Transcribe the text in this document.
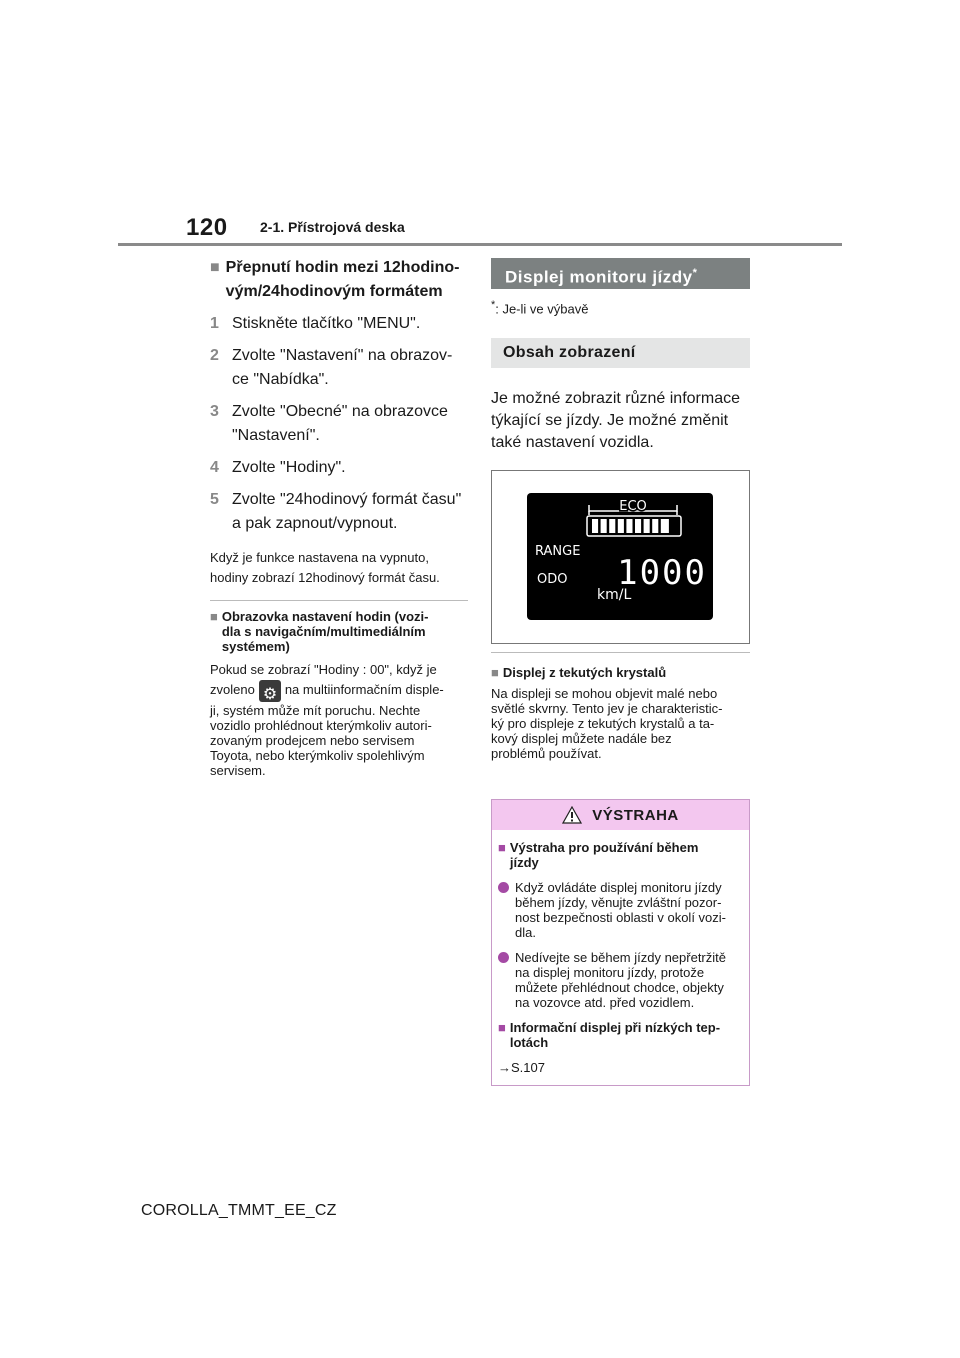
120 2-1. Přístrojová deska
■ Přepnutí hodin mezi 12hodino-
vým/24hodinovým formátem
1 Stiskněte tlačítko "MENU".
2 Zvolte "Nastavení" na obrazov-
ce "Nabídka".
3 Zvolte "Obecné" na obrazovce
"Nastavení".
4 Zvolte "Hodiny".
5 Zvolte "24hodinový formát času"
a pak zapnout/vypnout.
Když je funkce nastavena na vypnuto,
hodiny zobrazí 12hodinový formát času.
■ Obrazovka nastavení hodin (vozi-
dla s navigačním/multimediálním
systémem)
Pokud se zobrazí "Hodiny : 00", když je
zvoleno⚙ na multiinformačním disple-
ji, systém může mít poruchu. Nechte
vozidlo prohlédnout kterýmkoliv autori-
zovaným prodejcem nebo servisem
Toyota, nebo kterýmkoliv spolehlivým
servisem.
Displej monitoru jízdy*
*: Je-li ve výbavě
Obsah zobrazení
Je možné zobrazit různé informace
týkající se jízdy. Je možné změnit
také nastavení vozidla.
ECO
RANGE
ODO 1000
km/L
■ Displej z tekutých krystalů
Na displeji se mohou objevit malé nebo
světlé skvrny. Tento jev je charakteristic-
ký pro displeje z tekutých krystalů a ta-
kový displej můžete nadále bez
problémů používat.
VÝSTRAHA
■ Výstraha pro používání během
jízdy
Když ovládáte displej monitoru jízdy
během jízdy, věnujte zvláštní pozor-
nost bezpečnosti oblasti v okolí vozi-
dla.
Nedívejte se během jízdy nepřetržitě
na displej monitoru jízdy, protože
můžete přehlédnout chodce, objekty
na vozovce atd. před vozidlem.
■ Informační displej při nízkých tep-
lotách
→S.107
COROLLA_TMMT_EE_CZ
